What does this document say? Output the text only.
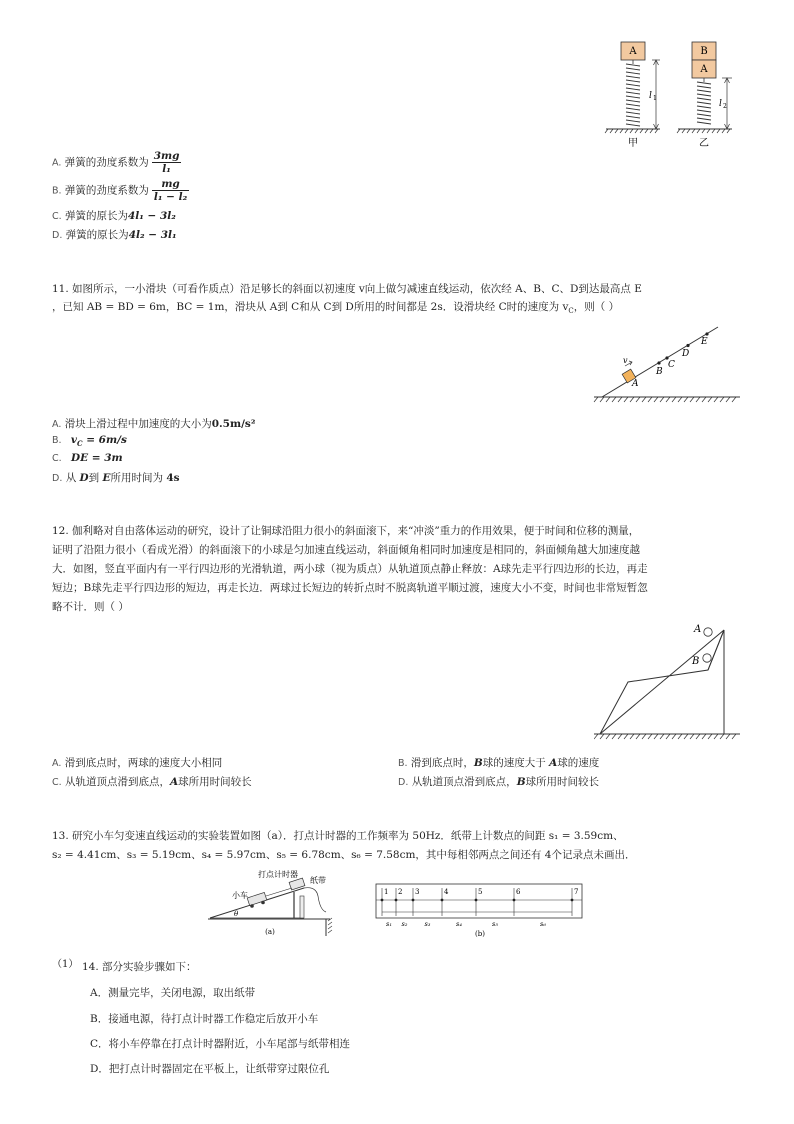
A
l 1
甲
B
A
l 2
乙
A. 弹簧的劲度系数为 $\frac{3mg}{\text{l₁}}$
B. 弹簧的劲度系数为 $\frac{mg}{\text{l₁ − l₂}}$
C. 弹簧的原长为4l₁ − 3l₂
D. 弹簧的原长为4l₂ − 3l₁
11. 如图所示，一小滑块（可看作质点）沿足够长的斜面以初速度 v向上做匀减速直线运动，依次经 A、B、C、D到达最高点 E
，已知 AB = BD = 6m，BC = 1m，滑块从 A到 C和从 C到 D所用的时间都是 2s．设滑块经 C时的速度为 $v_C$，则（ ）
v
A
B
C
D
E
A. 滑块上滑过程中加速度的大小为0.5m/s²
B. $v_C = 6m/s$
C. DE = 3m
D. 从 D到 E所用时间为 4s
12. 伽利略对自由落体运动的研究，设计了让铜球沿阻力很小的斜面滚下，来“冲淡”重力的作用效果，便于时间和位移的测量，
证明了沿阻力很小（看成光滑）的斜面滚下的小球是匀加速直线运动，斜面倾角相同时加速度是相同的，斜面倾角越大加速度越
大．如图，竖直平面内有一平行四边形的光滑轨道，两小球（视为质点）从轨道顶点静止释放：A球先走平行四边形的长边，再走
短边；B球先走平行四边形的短边，再走长边．两球过长短边的转折点时不脱离轨道平顺过渡，速度大小不变，时间也非常短暂忽
略不计．则（ ）
A
B
A. 滑到底点时，两球的速度大小相同	B. 滑到底点时，B球的速度大于 A球的速度
C. 从轨道顶点滑到底点，A球所用时间较长	D. 从轨道顶点滑到底点，B球所用时间较长
13. 研究小车匀变速直线运动的实验装置如图（a）．打点计时器的工作频率为 50Hz．纸带上计数点的间距 s₁ = 3.59cm、
s₂ = 4.41cm、s₃ = 5.19cm、s₄ = 5.97cm、s₅ = 6.78cm、s₆ = 7.58cm，其中每相邻两点之间还有 4个记录点未画出．
打点计时器
纸带
小车
θ
(a)
1 2 3	4	5	6	7
s₁ s₂	s₃	s₄	s₅	s₆
(b)
（1） 14. 部分实验步骤如下：
A．测量完毕，关闭电源，取出纸带
B．接通电源，待打点计时器工作稳定后放开小车
C．将小车停靠在打点计时器附近，小车尾部与纸带相连
D．把打点计时器固定在平板上，让纸带穿过限位孔
